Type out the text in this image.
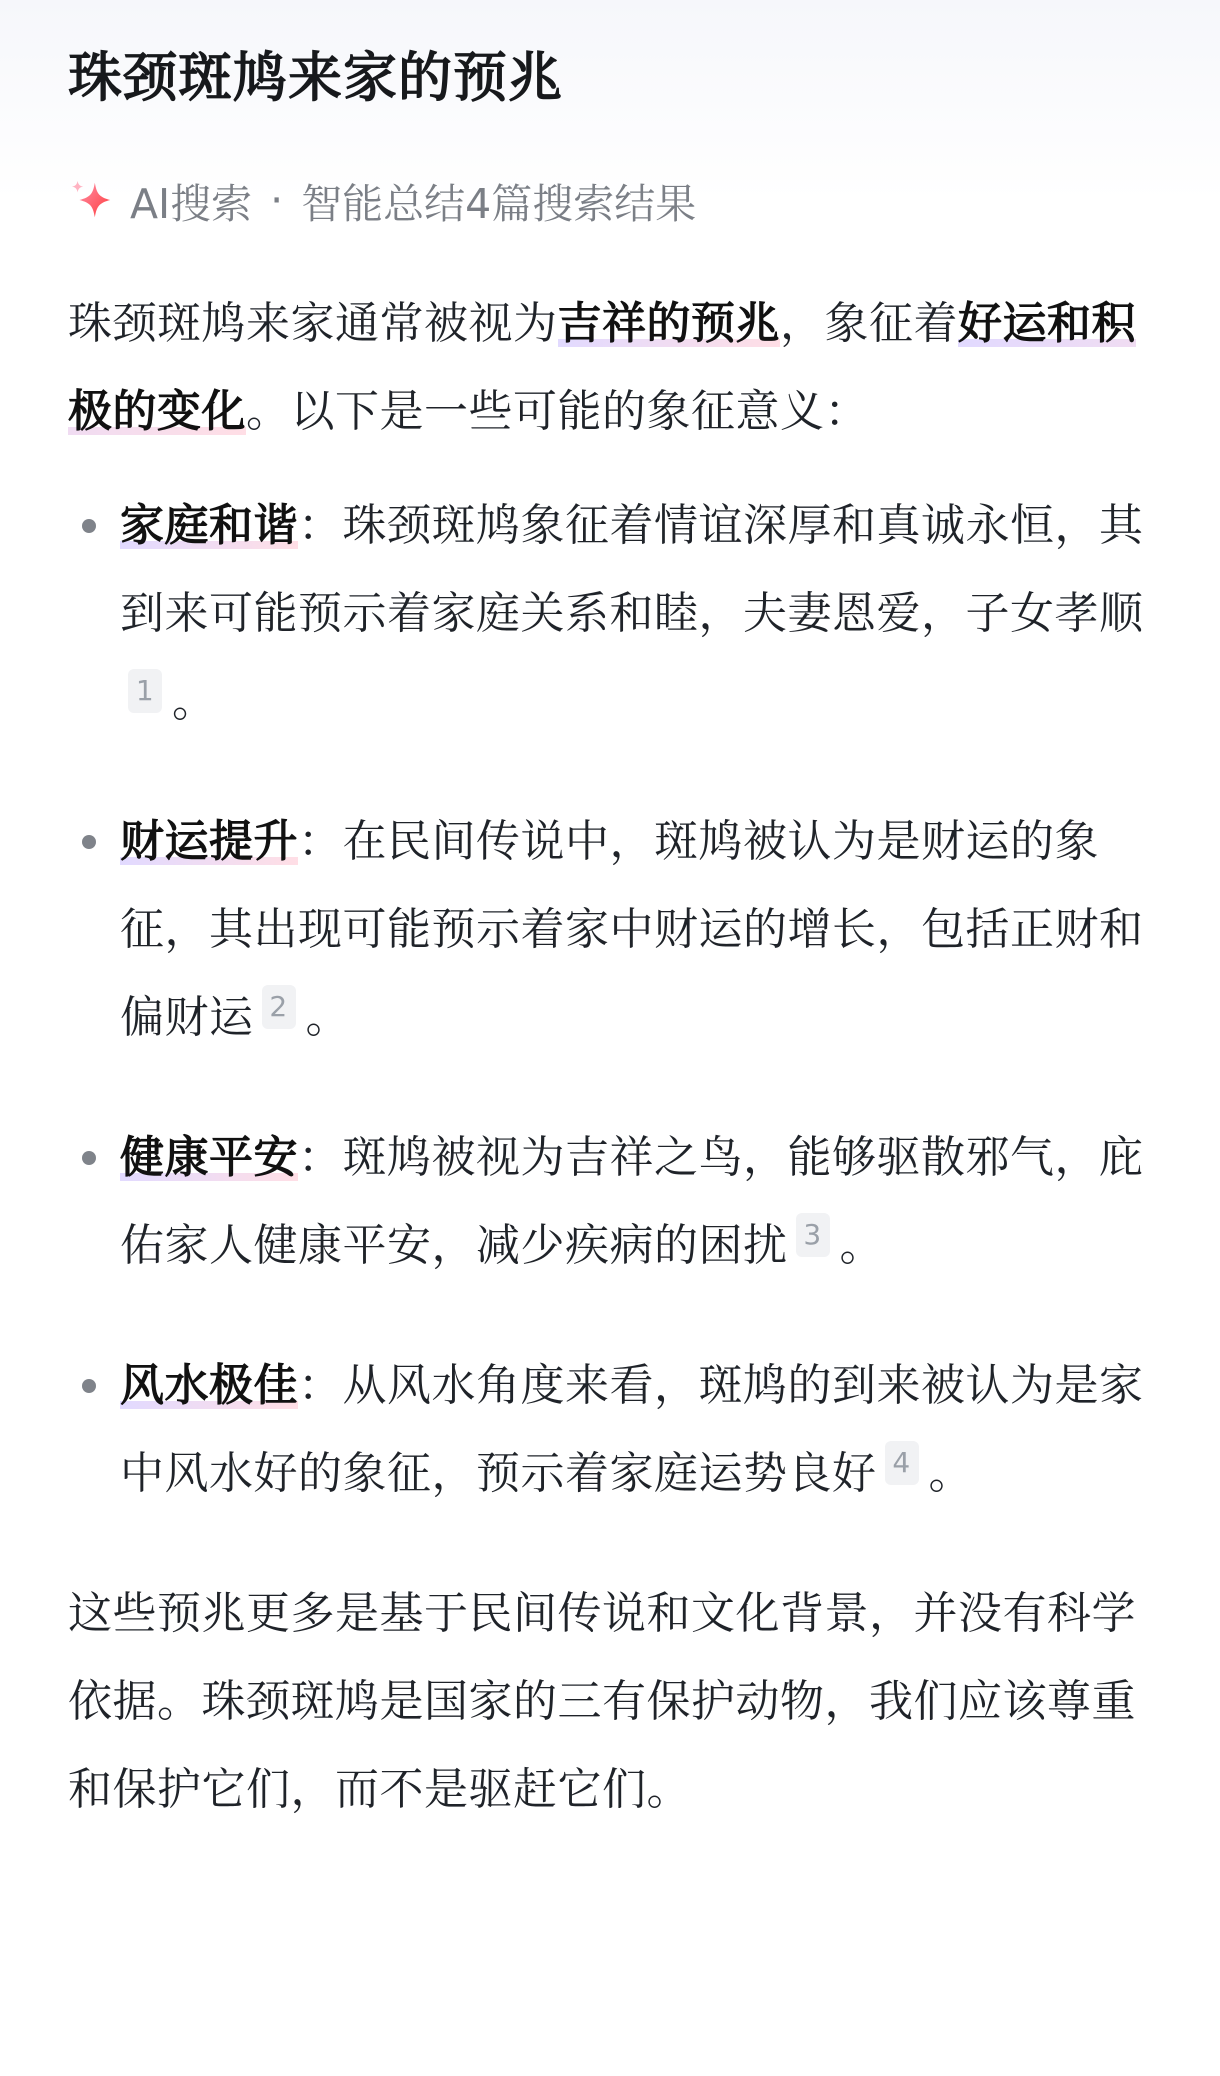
珠颈斑鸠来家的预兆
AI搜索 · 智能总结4篇搜索结果

珠颈斑鸠来家通常被视为吉祥的预兆，象征着好运和积极的变化。以下是一些可能的象征意义：

家庭和谐：珠颈斑鸠象征着情谊深厚和真诚永恒，其到来可能预示着家庭关系和睦，夫妻恩爱，子女孝顺1 。
财运提升：在民间传说中，斑鸠被认为是财运的象征，其出现可能预示着家中财运的增长，包括正财和偏财运 2 。
健康平安：斑鸠被视为吉祥之鸟，能够驱散邪气，庇佑家人健康平安，减少疾病的困扰 3 。
风水极佳：从风水角度来看，斑鸠的到来被认为是家中风水好的象征，预示着家庭运势良好 4 。

这些预兆更多是基于民间传说和文化背景，并没有科学依据。珠颈斑鸠是国家的三有保护动物，我们应该尊重和保护它们，而不是驱赶它们。
